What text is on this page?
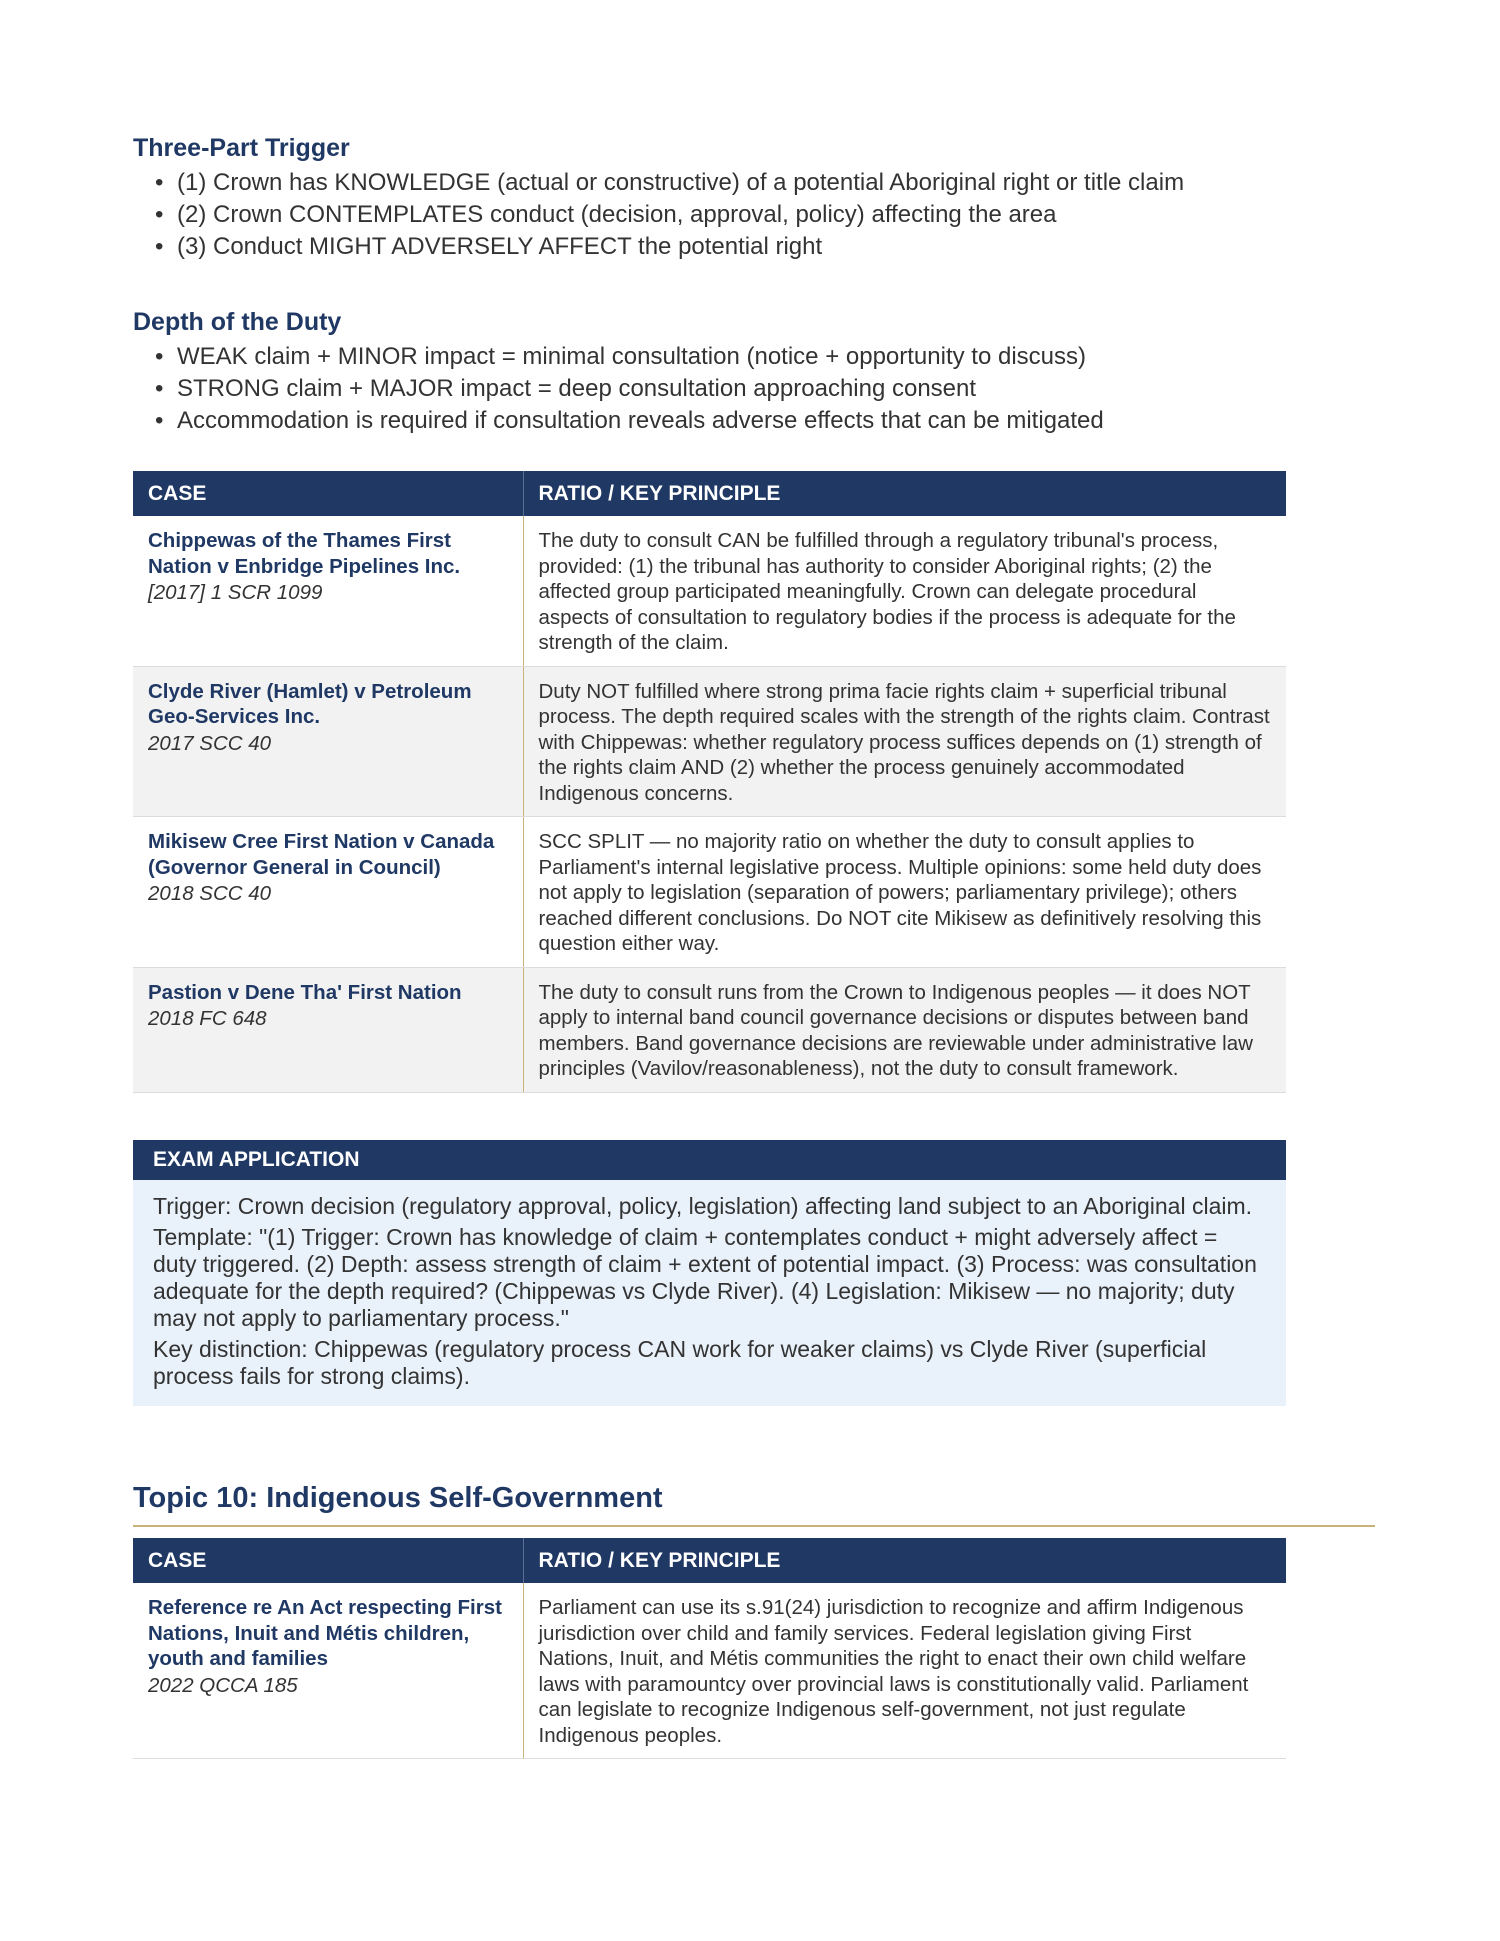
Three-Part Trigger
• (1) Crown has KNOWLEDGE (actual or constructive) of a potential Aboriginal right or title claim
• (2) Crown CONTEMPLATES conduct (decision, approval, policy) affecting the area
• (3) Conduct MIGHT ADVERSELY AFFECT the potential right
Depth of the Duty
• WEAK claim + MINOR impact = minimal consultation (notice + opportunity to discuss)
• STRONG claim + MAJOR impact = deep consultation approaching consent
• Accommodation is required if consultation reveals adverse effects that can be mitigated
CASE	RATIO / KEY PRINCIPLE

Chippewas of the Thames First Nation v Enbridge Pipelines Inc.
[2017] 1 SCR 1099	The duty to consult CAN be fulfilled through a regulatory tribunal's process, provided: (1) the tribunal has authority to consider Aboriginal rights; (2) the affected group participated meaningfully. Crown can delegate procedural aspects of consultation to regulatory bodies if the process is adequate for the strength of the claim.

Clyde River (Hamlet) v Petroleum Geo-Services Inc.
2017 SCC 40	Duty NOT fulfilled where strong prima facie rights claim + superficial tribunal process. The depth required scales with the strength of the rights claim. Contrast with Chippewas: whether regulatory process suffices depends on (1) strength of the rights claim AND (2) whether the process genuinely accommodated Indigenous concerns.

Mikisew Cree First Nation v Canada (Governor General in Council)
2018 SCC 40	SCC SPLIT — no majority ratio on whether the duty to consult applies to Parliament's internal legislative process. Multiple opinions: some held duty does not apply to legislation (separation of powers; parliamentary privilege); others reached different conclusions. Do NOT cite Mikisew as definitively resolving this question either way.

Pastion v Dene Tha' First Nation
2018 FC 648	The duty to consult runs from the Crown to Indigenous peoples — it does NOT apply to internal band council governance decisions or disputes between band members. Band governance decisions are reviewable under administrative law principles (Vavilov/reasonableness), not the duty to consult framework.
EXAM APPLICATION

Trigger: Crown decision (regulatory approval, policy, legislation) affecting land subject to an Aboriginal claim.

Template: "(1) Trigger: Crown has knowledge of claim + contemplates conduct + might adversely affect = duty triggered. (2) Depth: assess strength of claim + extent of potential impact. (3) Process: was consultation adequate for the depth required? (Chippewas vs Clyde River). (4) Legislation: Mikisew — no majority; duty may not apply to parliamentary process."

Key distinction: Chippewas (regulatory process CAN work for weaker claims) vs Clyde River (superficial process fails for strong claims).

Topic 10: Indigenous Self-Government
CASE	RATIO / KEY PRINCIPLE

Reference re An Act respecting First Nations, Inuit and Métis children, youth and families
2022 QCCA 185	Parliament can use its s.91(24) jurisdiction to recognize and affirm Indigenous jurisdiction over child and family services. Federal legislation giving First Nations, Inuit, and Métis communities the right to enact their own child welfare laws with paramountcy over provincial laws is constitutionally valid. Parliament can legislate to recognize Indigenous self-government, not just regulate Indigenous peoples.
